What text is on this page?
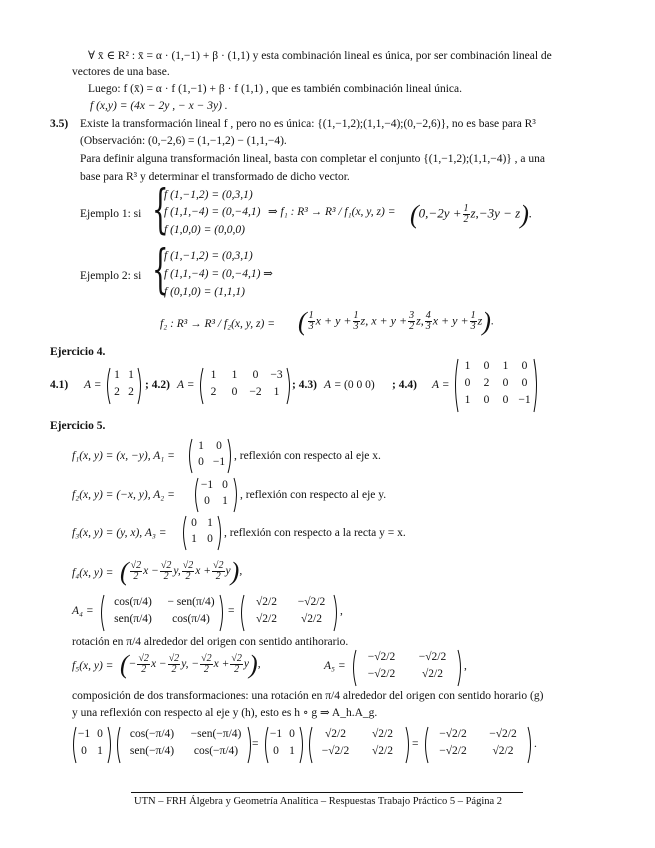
∀ x̄ ∈ R² : x̄ = α · (1,−1) + β · (1,1) y esta combinación lineal es única, por ser combinación lineal de
vectores de una base.
Luego: f (x̄) = α · f (1,−1) + β · f (1,1) , que es también combinación lineal única.
f (x,y) = (4x − 2y , − x − 3y) .
3.5) Existe la transformación lineal f , pero no es única: {(1,−1,2);(1,1,−4);(0,−2,6)}, no es base para R³
(Observación: (0,−2,6) = (1,−1,2) − (1,1,−4).
Para definir alguna transformación lineal, basta con completar el conjunto {(1,−1,2);(1,1,−4)} , a una
base para R³ y determinar el transformado de dicho vector.
Ejemplo 1: si {
f (1,−1,2) = (0,3,1)
f (1,1,−4) = (0,−4,1)
f (1,0,0) = (0,0,0)
⇒ f₁ : R³ → R³ / f₁(x, y, $z) = (0,-2y + \frac{1}{2} z,-3y - z)$.
Ejemplo 2: si {
f (1,−1,2) = (0,3,1)
f (1,1,−4) = (0,−4,1) ⇒
f (0,1,0) = (1,1,1)
f₂ : R³ → R³ / f₂(x, y, z) = ( $\frac{1}{3}$ $x + y + \frac{1}{3} z$, $x + y + \frac{3}{2} z$, $\frac{4}{3}$ $x + y + \frac{1}{3} z$).
Ejercicio 4.
4.1) A =
1 1
2 2
; 4.2) A =
1	1	0	−3
2	0	−2	1
; 4.3) A = (0 0 0) ; 4.4) A =
1	0	1	0
0	2	0	0
1	0	0 −1
Ejercicio 5.
f₁(x, y) = (x, −y), A₁ =
1	0
0 −1 , reflexión con respecto al eje x.
f₂(x, y) = (−x, y), A₂ =
−1 0
0	1	, reflexión con respecto al eje y.
f₃(x, y) = (y, x), A₃ =
0 1
1 0 , reflexión con respecto a la recta y = x.
f₄(x, y) = ( $\frac{√2}{2}$ $x - \frac{√2}{2} y$, $\frac{√2}{2}$ $x + \frac{√2}{2} y$),
A₄ =
cos(π/4)	− sen(π/4)
sen(π/4)	cos(π/4)
=
√2/2	−√2/2
√2/2	√2/2
,
rotación en π/4 alrededor del origen con sentido antihorario.
f₅(x, y) = (− $\frac{√2}{2}$ $x - \frac{√2}{2} y$, − $\frac{√2}{2}$ $x + \frac{√2}{2} y$),	A₅ =
−√2/2	−√2/2
−√2/2	√2/2
,
composición de dos transformaciones: una rotación en π/4 alrededor del origen con sentido horario (g)
y una reflexión con respecto al eje y (h), esto es h ∘ g ⇒ A_h.A_g.
−1 0
0 1
cos(−π/4)	−sen(−π/4)
sen(−π/4)	cos(−π/4)
=
−1 0
0 1
√2/2	√2/2
−√2/2	√2/2
=
−√2/2	−√2/2
−√2/2	√2/2
.
UTN – FRH Álgebra y Geometría Analítica – Respuestas Trabajo Práctico 5 – Página 2
